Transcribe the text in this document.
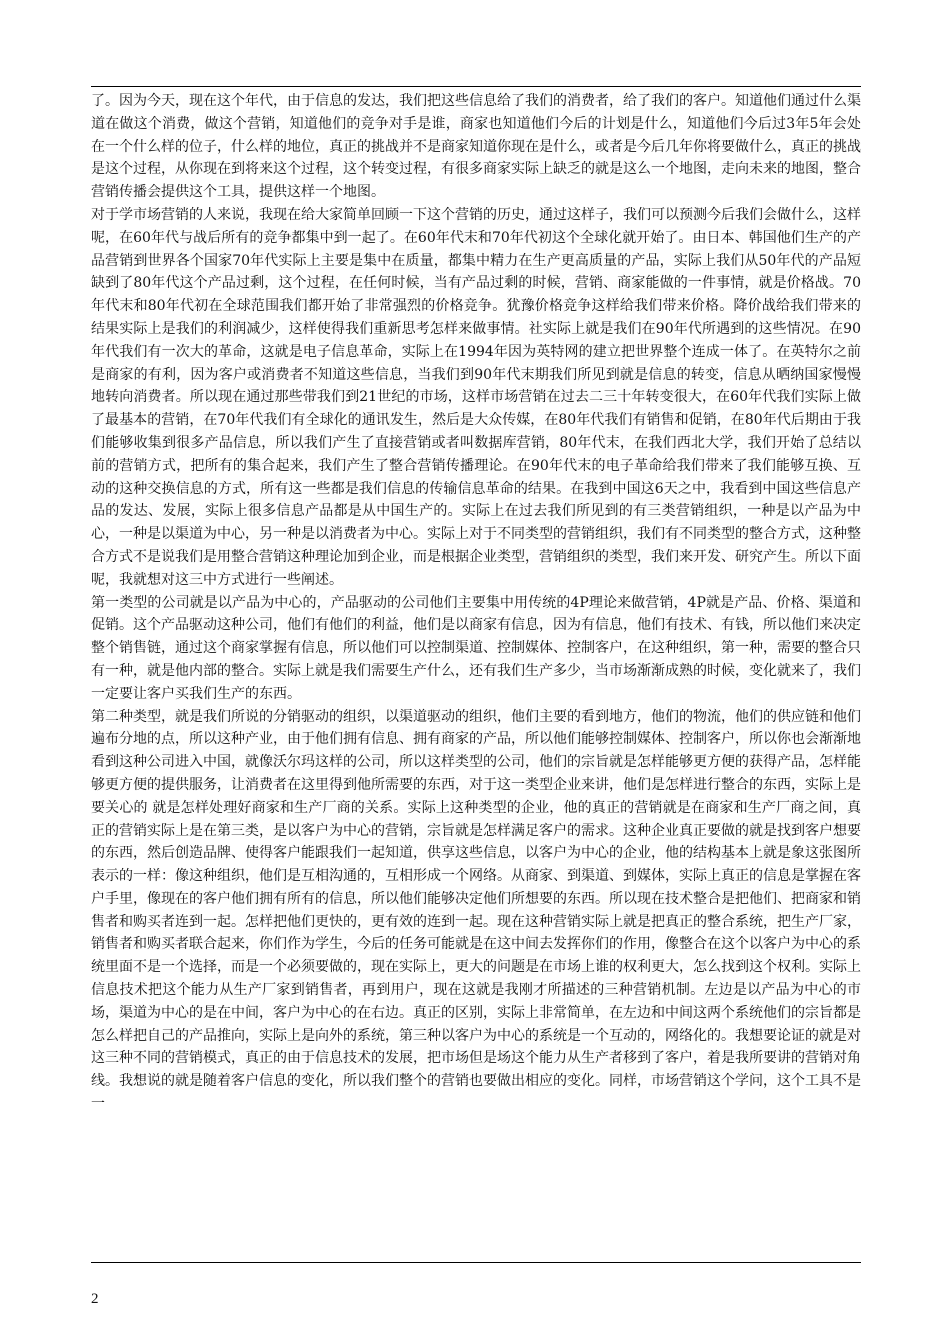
了。因为今天，现在这个年代，由于信息的发达，我们把这些信息给了我们的消费者，给了我们的客户。知道他们通过什么渠道在做这个消费，做这个营销，知道他们的竞争对手是谁，商家也知道他们今后的计划是什么，知道他们今后过3年5年会处在一个什么样的位子，什么样的地位，真正的挑战并不是商家知道你现在是什么，或者是今后几年你将要做什么，真正的挑战是这个过程，从你现在到将来这个过程，这个转变过程，有很多商家实际上缺乏的就是这么一个地图，走向未来的地图，整合营销传播会提供这个工具，提供这样一个地图。

对于学市场营销的人来说，我现在给大家简单回顾一下这个营销的历史，通过这样子，我们可以预测今后我们会做什么，这样呢，在60年代与战后所有的竞争都集中到一起了。在60年代末和70年代初这个全球化就开始了。由日本、韩国他们生产的产品营销到世界各个国家70年代实际上主要是集中在质量，都集中精力在生产更高质量的产品，实际上我们从50年代的产品短缺到了80年代这个产品过剩，这个过程，在任何时候，当有产品过剩的时候，营销、商家能做的一件事情，就是价格战。70年代末和80年代初在全球范围我们都开始了非常强烈的价格竞争。犹豫价格竞争这样给我们带来价格。降价战给我们带来的结果实际上是我们的利润减少，这样使得我们重新思考怎样来做事情。社实际上就是我们在90年代所遇到的这些情况。在90年代我们有一次大的革命，这就是电子信息革命，实际上在1994年因为英特网的建立把世界整个连成一体了。在英特尔之前是商家的有利，因为客户或消费者不知道这些信息，当我们到90年代末期我们所见到就是信息的转变，信息从晒纳国家慢慢地转向消费者。所以现在通过那些带我们到21世纪的市场，这样市场营销在过去二三十年转变很大，在60年代我们实际上做了最基本的营销，在70年代我们有全球化的通讯发生，然后是大众传媒，在80年代我们有销售和促销，在80年代后期由于我们能够收集到很多产品信息，所以我们产生了直接营销或者叫数据库营销，80年代末，在我们西北大学，我们开始了总结以前的营销方式，把所有的集合起来，我们产生了整合营销传播理论。在90年代末的电子革命给我们带来了我们能够互换、互动的这种交换信息的方式，所有这一些都是我们信息的传输信息革命的结果。在我到中国这6天之中，我看到中国这些信息产品的发达、发展，实际上很多信息产品都是从中国生产的。实际上在过去我们所见到的有三类营销组织，一种是以产品为中心，一种是以渠道为中心，另一种是以消费者为中心。实际上对于不同类型的营销组织，我们有不同类型的整合方式，这种整合方式不是说我们是用整合营销这种理论加到企业，而是根据企业类型，营销组织的类型，我们来开发、研究产生。所以下面呢，我就想对这三中方式进行一些阐述。

第一类型的公司就是以产品为中心的，产品驱动的公司他们主要集中用传统的4P理论来做营销，4P就是产品、价格、渠道和促销。这个产品驱动这种公司，他们有他们的利益，他们是以商家有信息，因为有信息，他们有技术、有钱，所以他们来决定整个销售链，通过这个商家掌握有信息，所以他们可以控制渠道、控制媒体、控制客户，在这种组织，第一种，需要的整合只有一种，就是他内部的整合。实际上就是我们需要生产什么，还有我们生产多少，当市场渐渐成熟的时候，变化就来了，我们一定要让客户买我们生产的东西。

第二种类型，就是我们所说的分销驱动的组织，以渠道驱动的组织，他们主要的看到地方，他们的物流，他们的供应链和他们遍布分地的点，所以这种产业，由于他们拥有信息、拥有商家的产品，所以他们能够控制媒体、控制客户，所以你也会渐渐地看到这种公司进入中国，就像沃尔玛这样的公司，所以这样类型的公司，他们的宗旨就是怎样能够更方便的获得产品，怎样能够更方便的提供服务，让消费者在这里得到他所需要的东西，对于这一类型企业来讲，他们是怎样进行整合的东西，实际上是要关心的 就是怎样处理好商家和生产厂商的关系。实际上这种类型的企业，他的真正的营销就是在商家和生产厂商之间，真正的营销实际上是在第三类，是以客户为中心的营销，宗旨就是怎样满足客户的需求。这种企业真正要做的就是找到客户想要的东西，然后创造品牌、使得客户能跟我们一起知道，供享这些信息，以客户为中心的企业，他的结构基本上就是象这张图所表示的一样：像这种组织，他们是互相沟通的，互相形成一个网络。从商家、到渠道、到媒体，实际上真正的信息是掌握在客户手里，像现在的客户他们拥有所有的信息，所以他们能够决定他们所想要的东西。所以现在技术整合是把他们、把商家和销售者和购买者连到一起。怎样把他们更快的，更有效的连到一起。现在这种营销实际上就是把真正的整合系统，把生产厂家，销售者和购买者联合起来，你们作为学生，今后的任务可能就是在这中间去发挥你们的作用，像整合在这个以客户为中心的系统里面不是一个选择，而是一个必须要做的，现在实际上，更大的问题是在市场上谁的权利更大，怎么找到这个权利。实际上信息技术把这个能力从生产厂家到销售者，再到用户，现在这就是我刚才所描述的三种营销机制。左边是以产品为中心的市场，渠道为中心的是在中间，客户为中心的在右边。真正的区别，实际上非常简单，在左边和中间这两个系统他们的宗旨都是怎么样把自己的产品推向，实际上是向外的系统，第三种以客户为中心的系统是一个互动的，网络化的。我想要论证的就是对这三种不同的营销模式，真正的由于信息技术的发展，把市场但是场这个能力从生产者移到了客户，着是我所要讲的营销对角线。我想说的就是随着客户信息的变化，所以我们整个的营销也要做出相应的变化。同样，市场营销这个学问，这个工具不是一

2
